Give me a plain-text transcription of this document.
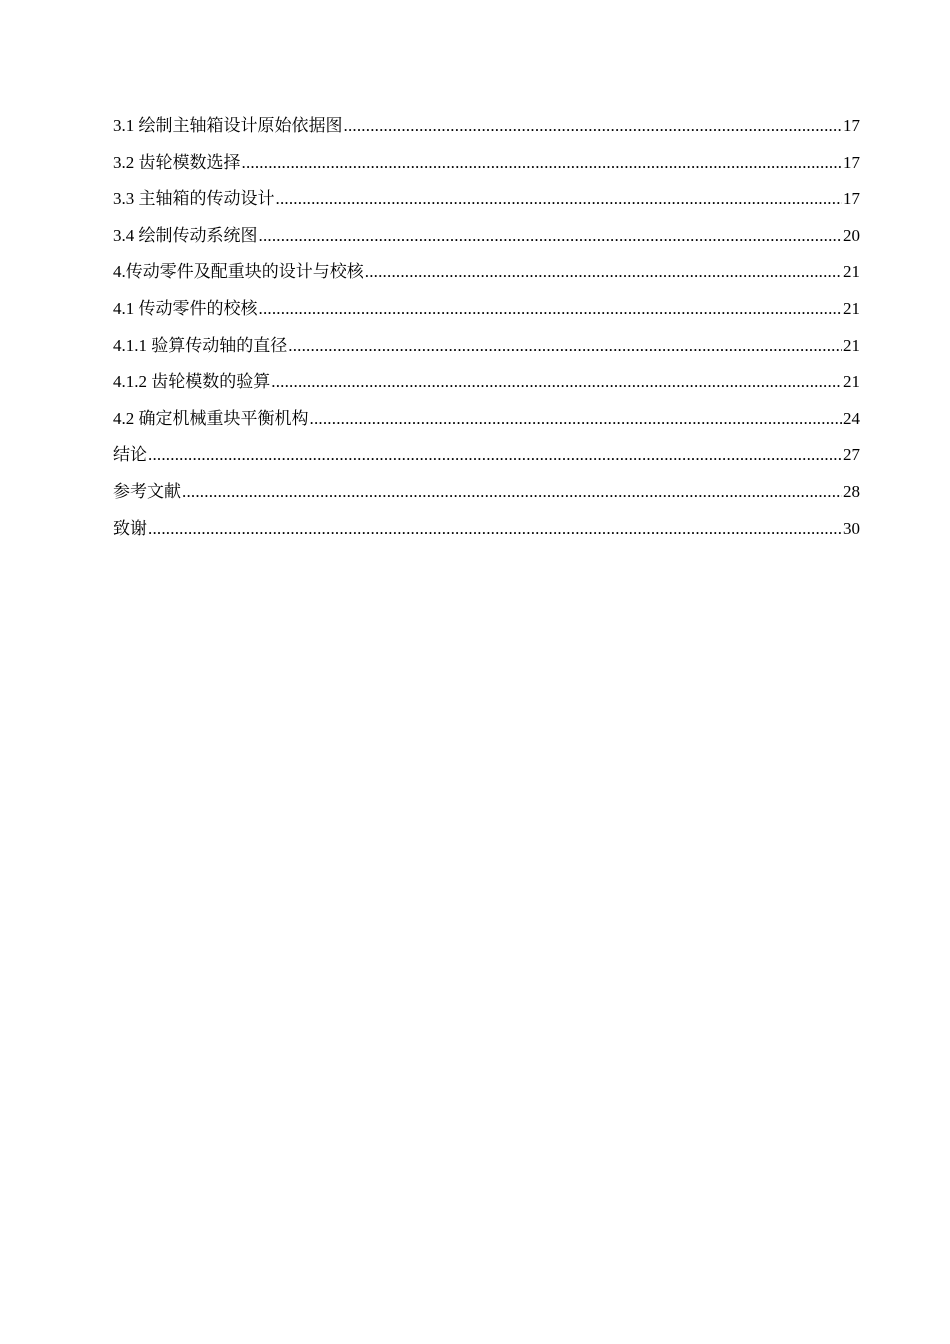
3.1 绘制主轴箱设计原始依据图 .....	17
3.2 齿轮模数选择 .....	17
3.3 主轴箱的传动设计 .....	17
3.4 绘制传动系统图 .....	20
4.传动零件及配重块的设计与校核 .....	21
4.1 传动零件的校核 .....	21
4.1.1 验算传动轴的直径 .....	21
4.1.2 齿轮模数的验算 .....	21
4.2 确定机械重块平衡机构 .....	24
结论 .....	27
参考文献 .....	28
致谢 .....	30
